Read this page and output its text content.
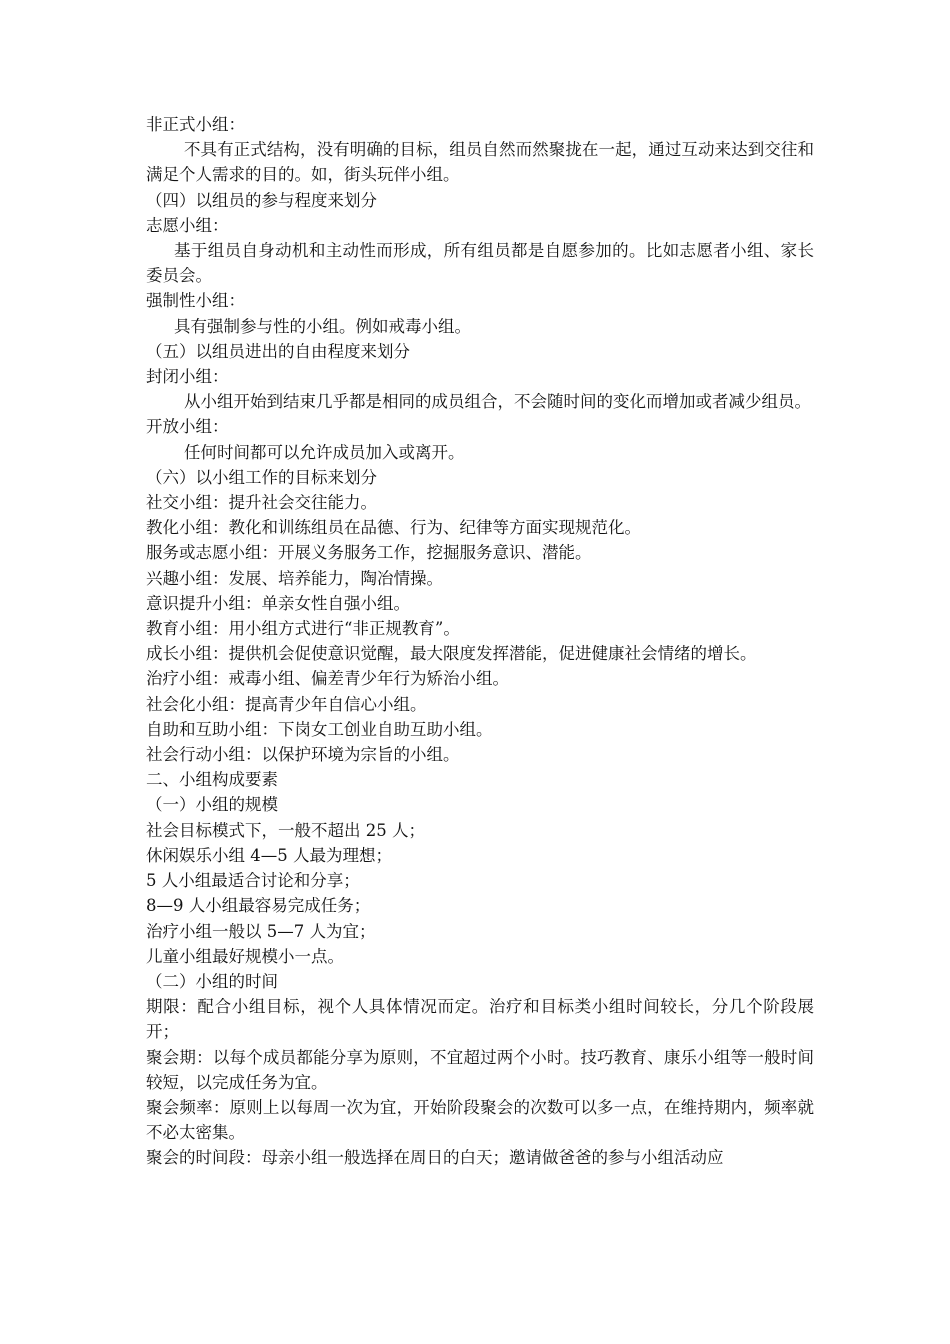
非正式小组：

不具有正式结构，没有明确的目标，组员自然而然聚拢在一起，通过互动来达到交往和满足个人需求的目的。如，街头玩伴小组。

（四）以组员的参与程度来划分

志愿小组：

基于组员自身动机和主动性而形成，所有组员都是自愿参加的。比如志愿者小组、家长委员会。

强制性小组：

具有强制参与性的小组。例如戒毒小组。

（五）以组员进出的自由程度来划分

封闭小组：

从小组开始到结束几乎都是相同的成员组合，不会随时间的变化而增加或者减少组员。

开放小组：

任何时间都可以允许成员加入或离开。

（六）以小组工作的目标来划分

社交小组：提升社会交往能力。

教化小组：教化和训练组员在品德、行为、纪律等方面实现规范化。

服务或志愿小组：开展义务服务工作，挖掘服务意识、潜能。

兴趣小组：发展、培养能力，陶冶情操。

意识提升小组：单亲女性自强小组。

教育小组：用小组方式进行“非正规教育”。

成长小组：提供机会促使意识觉醒，最大限度发挥潜能，促进健康社会情绪的增长。

治疗小组：戒毒小组、偏差青少年行为矫治小组。

社会化小组：提高青少年自信心小组。

自助和互助小组：下岗女工创业自助互助小组。

社会行动小组：以保护环境为宗旨的小组。

二、小组构成要素

（一）小组的规模

社会目标模式下，一般不超出 25 人；

休闲娱乐小组 4—5 人最为理想；

5 人小组最适合讨论和分享；

8—9 人小组最容易完成任务；

治疗小组一般以 5—7 人为宜；

儿童小组最好规模小一点。

（二）小组的时间

期限：配合小组目标，视个人具体情况而定。治疗和目标类小组时间较长，分几个阶段展开；

聚会期：以每个成员都能分享为原则，不宜超过两个小时。技巧教育、康乐小组等一般时间较短，以完成任务为宜。

聚会频率：原则上以每周一次为宜，开始阶段聚会的次数可以多一点，在维持期内，频率就不必太密集。

聚会的时间段：母亲小组一般选择在周日的白天；邀请做爸爸的参与小组活动应
